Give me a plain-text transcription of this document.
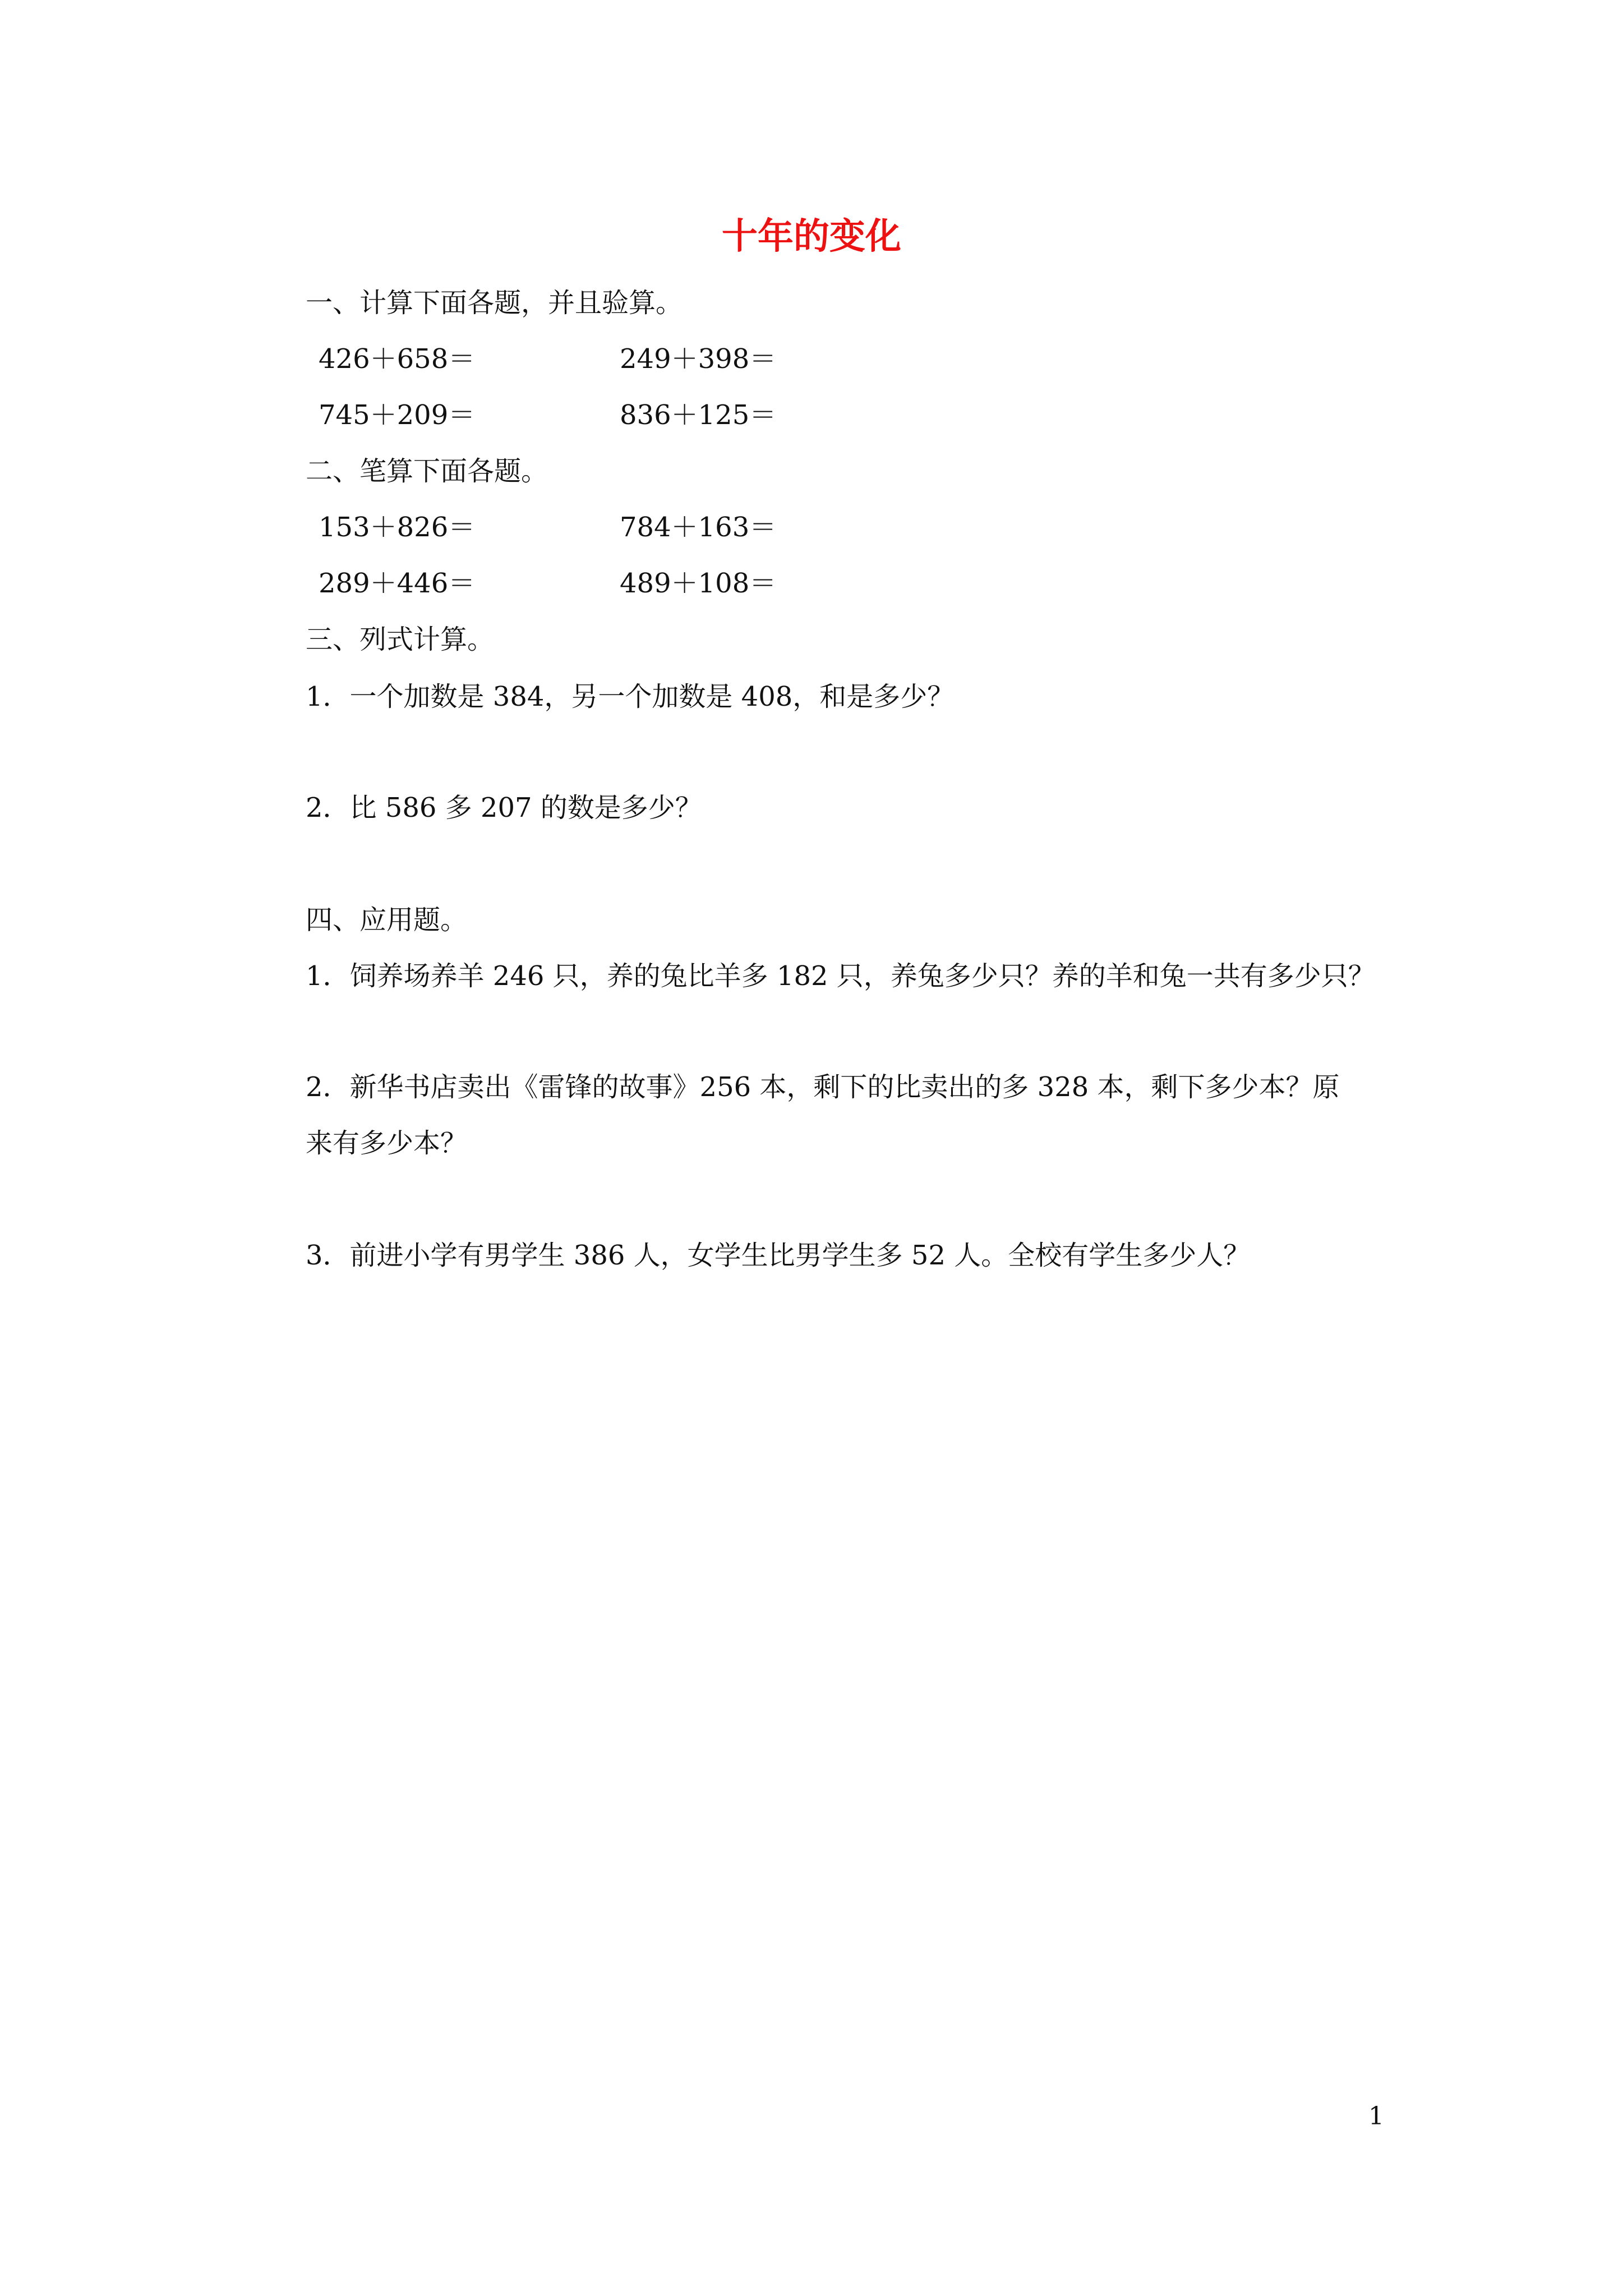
十年的变化
一、计算下面各题，并且验算。
426＋658＝	249＋398＝
745＋209＝	836＋125＝
二、笔算下面各题。
153＋826＝	784＋163＝
289＋446＝	489＋108＝
三、列式计算。
1．一个加数是 384，另一个加数是 408，和是多少？
2．比 586 多 207 的数是多少？
四、应用题。
1．饲养场养羊 246 只，养的兔比羊多 182 只，养兔多少只？养的羊和兔一共有多少只？
2．新华书店卖出《雷锋的故事》256 本，剩下的比卖出的多 328 本，剩下多少本？原
来有多少本？
3．前进小学有男学生 386 人，女学生比男学生多 52 人。全校有学生多少人？
1
